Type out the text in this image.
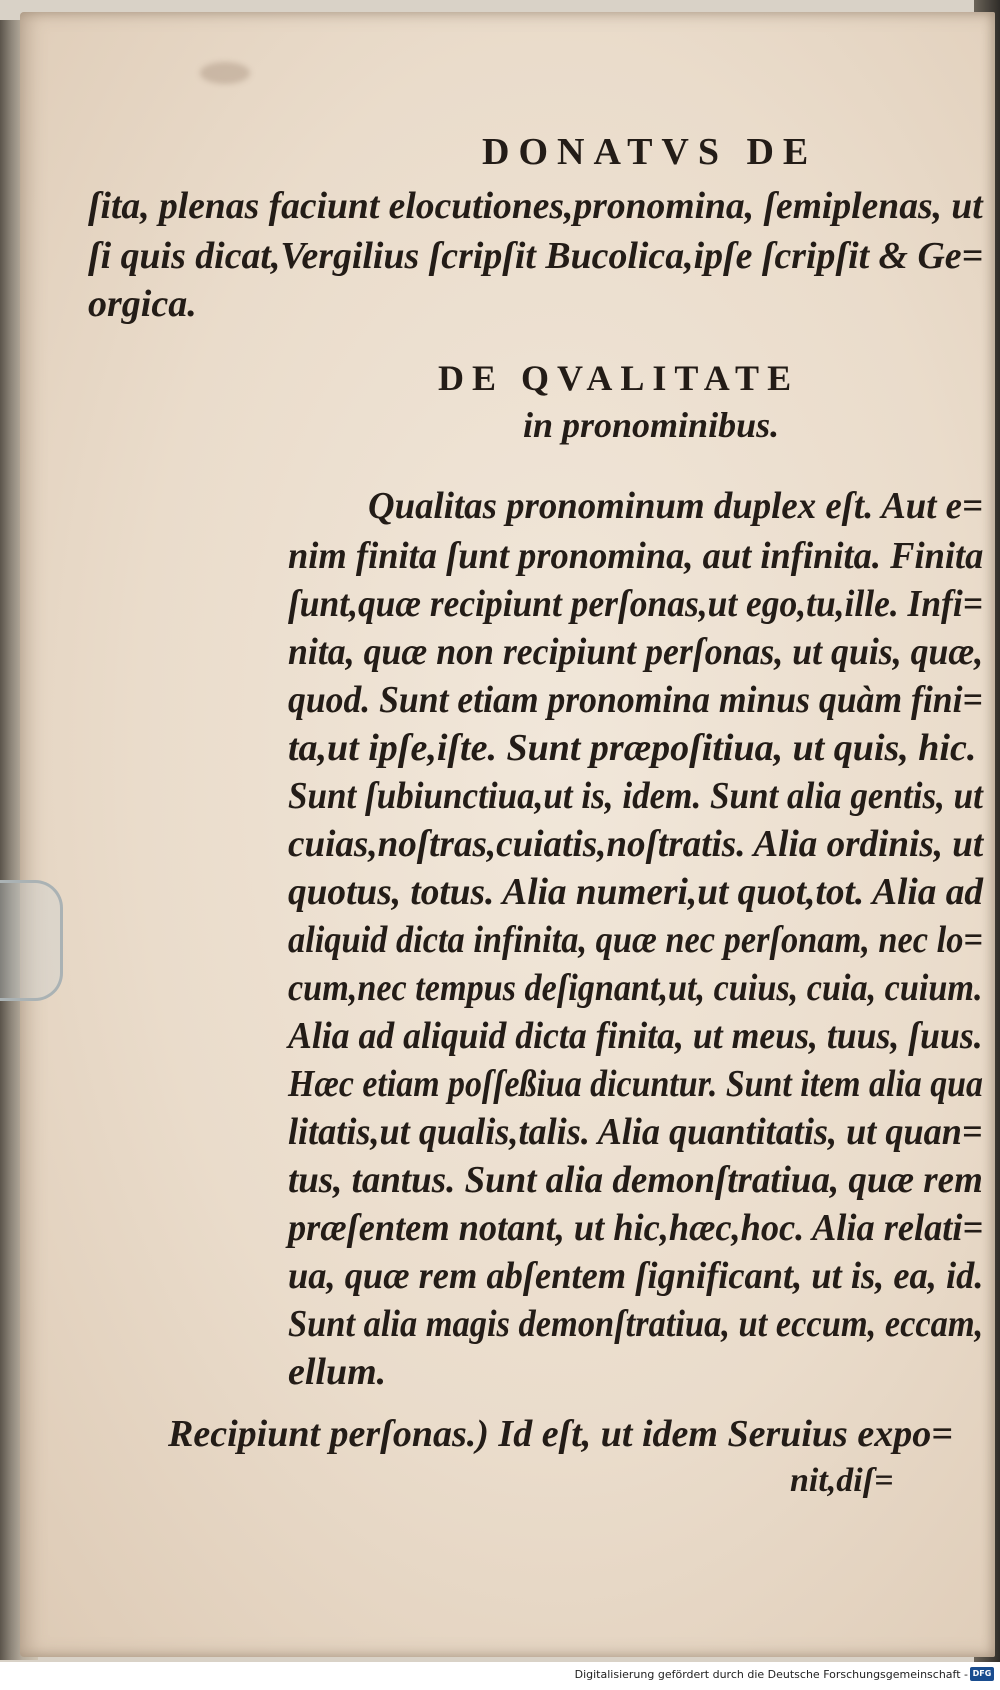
DONATVS DE
ſita, plenas faciunt elocutiones,pronomina, ſemiplenas, ut
ſi quis dicat,Vergilius ſcripſit Bucolica,ipſe ſcripſit & Ge=
orgica.
DE QVALITATE
in pronominibus.
Qualitas pronominum duplex eſt. Aut e=
nim finita ſunt pronomina, aut infinita. Finita
ſunt,quæ recipiunt perſonas,ut ego,tu,ille. Infi=
nita, quæ non recipiunt perſonas, ut quis, quæ,
quod. Sunt etiam pronomina minus quàm fini=
ta,ut ipſe,iſte. Sunt præpoſitiua, ut quis, hic.
Sunt ſubiunctiua,ut is, idem. Sunt alia gentis, ut
cuias,noſtras,cuiatis,noſtratis. Alia ordinis, ut
quotus, totus. Alia numeri,ut quot,tot. Alia ad
aliquid dicta infinita, quæ nec perſonam, nec lo=
cum,nec tempus deſignant,ut, cuius, cuia, cuium.
Alia ad aliquid dicta finita, ut meus, tuus, ſuus.
Hæc etiam poſſeßiua dicuntur. Sunt item alia qua
litatis,ut qualis,talis. Alia quantitatis, ut quan=
tus, tantus. Sunt alia demonſtratiua, quæ rem
præſentem notant, ut hic,hæc,hoc. Alia relati=
ua, quæ rem abſentem ſignificant, ut is, ea, id.
Sunt alia magis demonſtratiua, ut eccum, eccam,
ellum.
Recipiunt perſonas.) Id eſt, ut idem Seruius expo=
nit,diſ=
Digitalisierung gefördert durch die Deutsche Forschungsgemeinschaft - DFG
